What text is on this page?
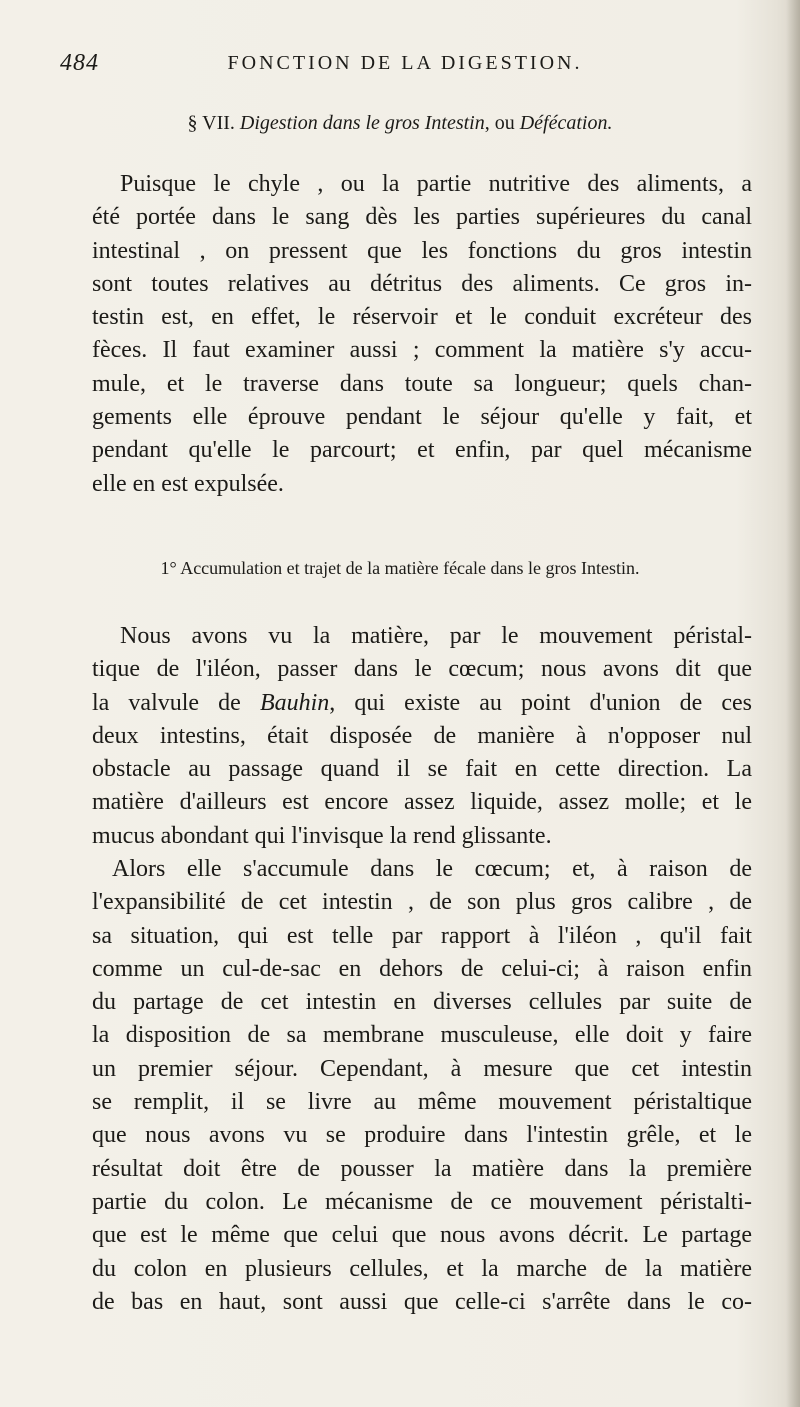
484	FONCTION DE LA DIGESTION.
§ VII. Digestion dans le gros Intestin, ou Défécation.
Puisque le chyle , ou la partie nutritive des aliments, a
été portée dans le sang dès les parties supérieures du canal
intestinal , on pressent que les fonctions du gros intestin
sont toutes relatives au détritus des aliments. Ce gros in-
testin est, en effet, le réservoir et le conduit excréteur des
fèces. Il faut examiner aussi ; comment la matière s'y accu-
mule, et le traverse dans toute sa longueur; quels chan-
gements elle éprouve pendant le séjour qu'elle y fait, et
pendant qu'elle le parcourt; et enfin, par quel mécanisme
elle en est expulsée.
1° Accumulation et trajet de la matière fécale dans le gros Intestin.
Nous avons vu la matière, par le mouvement péristal-
tique de l'iléon, passer dans le cœcum; nous avons dit que
la valvule de Bauhin, qui existe au point d'union de ces
deux intestins, était disposée de manière à n'opposer nul
obstacle au passage quand il se fait en cette direction. La
matière d'ailleurs est encore assez liquide, assez molle; et le
mucus abondant qui l'invisque la rend glissante.
Alors elle s'accumule dans le cœcum; et, à raison de
l'expansibilité de cet intestin , de son plus gros calibre , de
sa situation, qui est telle par rapport à l'iléon , qu'il fait
comme un cul-de-sac en dehors de celui-ci; à raison enfin
du partage de cet intestin en diverses cellules par suite de
la disposition de sa membrane musculeuse, elle doit y faire
un premier séjour. Cependant, à mesure que cet intestin
se remplit, il se livre au même mouvement péristaltique
que nous avons vu se produire dans l'intestin grêle, et le
résultat doit être de pousser la matière dans la première
partie du colon. Le mécanisme de ce mouvement péristalti-
que est le même que celui que nous avons décrit. Le partage
du colon en plusieurs cellules, et la marche de la matière
de bas en haut, sont aussi que celle-ci s'arrête dans le co-
